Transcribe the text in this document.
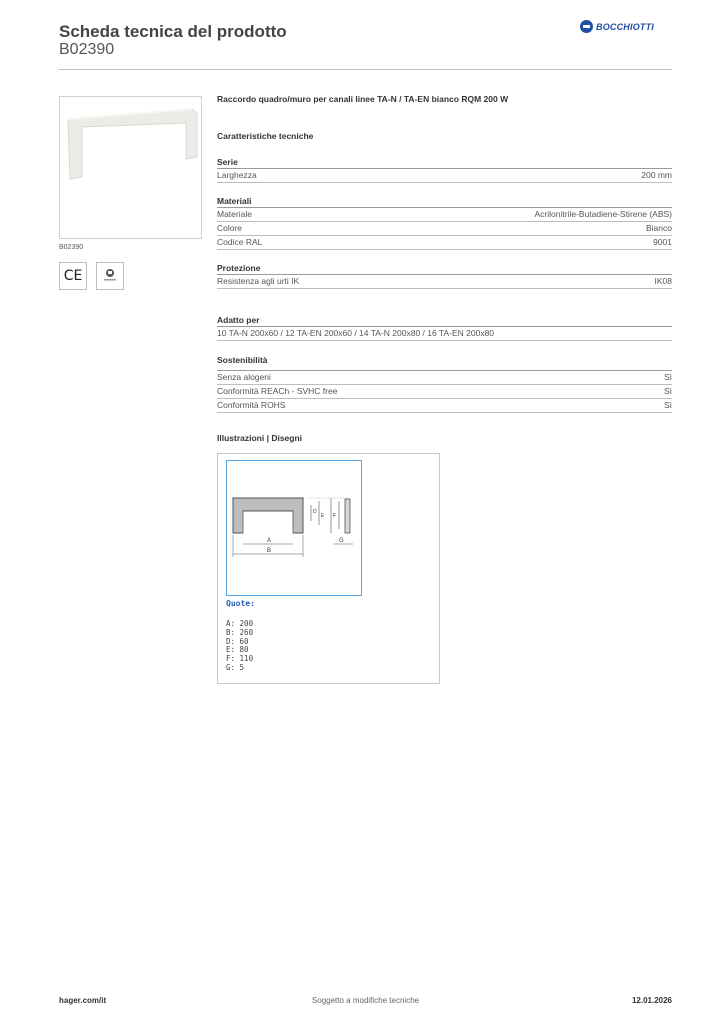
Scheda tecnica del prodotto
B02390
BOCCHIOTTI
B02390
CE
Raccordo quadro/muro per canali linee TA-N / TA-EN bianco RQM 200 W
Caratteristiche tecniche
Serie
Larghezza	200 mm
Materiali
Materiale	Acrilonitrile-Butadiene-Stirene (ABS)
Colore	Bianco
Codice RAL	9001
Protezione
Resistenza agli urti IK	IK08
Adatto per
10 TA-N 200x60 / 12 TA-EN 200x60 / 14 TA-N 200x80 / 16 TA-EN 200x80
Sostenibilità
Senza alogeni	Sì
Conformità REACh - SVHC free	Sì
Conformità ROHS	Sì
Illustrazioni | Disegni
A
B
D
E F
G
Quote:
A: 200
B: 260
D: 60
E: 80
F: 110
G: 5
hager.com/it	Soggetto a modifiche tecniche	12.01.2026
